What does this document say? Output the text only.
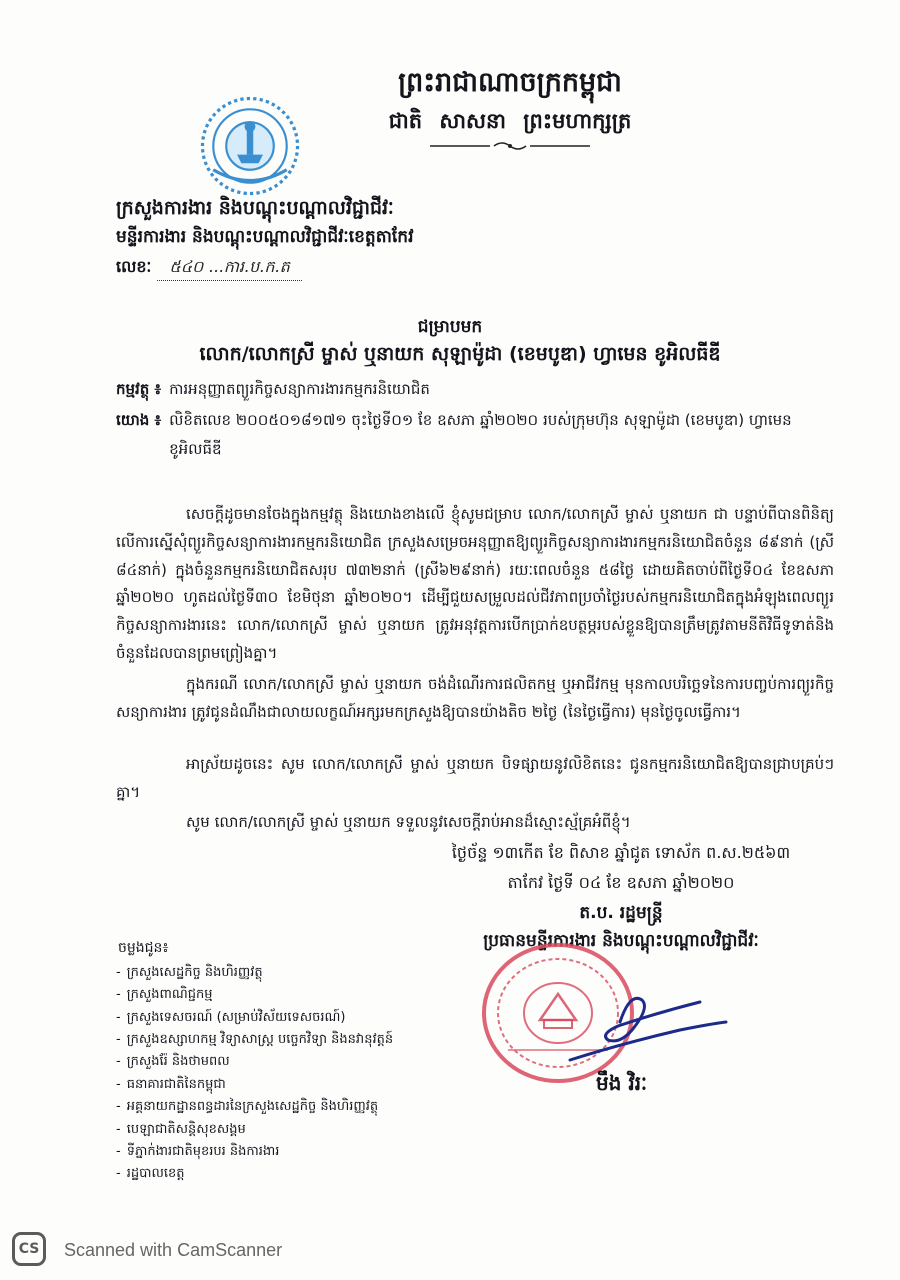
ព្រះរាជាណាចក្រកម្ពុជា
ជាតិ សាសនា ព្រះមហាក្សត្រ
ក្រសួងការងារ និងបណ្តុះបណ្តាលវិជ្ជាជីវៈ
មន្ទីរការងារ និងបណ្តុះបណ្តាលវិជ្ជាជីវៈខេត្តតាកែវ
លេខៈ	៥៤០ ...ការ.ប.ក.ត
ជម្រាបមក
លោក/លោកស្រី ម្ចាស់ ឬនាយក សុឡាម៉ូដា (ខេមបូឌា) ហ្វាមេន ខូអិលធីឌី
កម្មវត្ថុ ៖ ការអនុញ្ញាតព្យួរកិច្ចសន្យាការងារកម្មករនិយោជិត
យោង ៖ លិខិតលេខ ២០០៥០១៨១៧១ ចុះថ្ងៃទី០១ ខែ ឧសភា ឆ្នាំ២០២០ របស់ក្រុមហ៊ុន សុឡាម៉ូដា (ខេមបូឌា) ហ្វាមេន ខូអិលធីឌី

សេចក្តីដូចមានចែងក្នុងកម្មវត្ថុ និងយោងខាងលើ ខ្ញុំសូមជម្រាប លោក/លោកស្រី ម្ចាស់ ឬនាយក ជា បន្ទាប់ពីបានពិនិត្យលើការស្នើសុំព្យួរកិច្ចសន្យាការងារកម្មករនិយោជិត ក្រសួងសម្រេចអនុញ្ញាតឱ្យព្យួរកិច្ចសន្យាការងារកម្មករនិយោជិតចំនួន ៨៩នាក់ (ស្រី ៨៤នាក់) ក្នុងចំនួនកម្មករនិយោជិតសរុប ៧៣២នាក់ (ស្រី៦២៩នាក់) រយៈពេលចំនួន ៥៨ថ្ងៃ ដោយគិតចាប់ពីថ្ងៃទី០៤ ខែឧសភា ឆ្នាំ២០២០ ហូតដល់ថ្ងៃទី៣០ ខែមិថុនា ឆ្នាំ២០២០។ ដើម្បីជួយសម្រួលដល់ជីវភាពប្រចាំថ្ងៃរបស់កម្មករនិយោជិតក្នុងអំឡុងពេលព្យួរកិច្ចសន្យាការងារនេះ លោក/លោកស្រី ម្ចាស់ ឬនាយក ត្រូវអនុវត្តការបើកប្រាក់ឧបត្ថម្ភរបស់ខ្លួនឱ្យបានត្រឹមត្រូវតាមនីតិវិធីទូទាត់និងចំនួនដែលបានព្រមព្រៀងគ្នា។

ក្នុងករណី លោក/លោកស្រី ម្ចាស់ ឬនាយក ចង់ដំណើរការផលិតកម្ម ឬអាជីវកម្ម មុនកាលបរិច្ឆេទនៃការបញ្ចប់ការព្យួរកិច្ចសន្យាការងារ ត្រូវជូនដំណឹងជាលាយលក្ខណ៍អក្សរមកក្រសួងឱ្យបានយ៉ាងតិច ២ថ្ងៃ (នៃថ្ងៃធ្វើការ) មុនថ្ងៃចូលធ្វើការ។

អាស្រ័យដូចនេះ សូម លោក/លោកស្រី ម្ចាស់ ឬនាយក បិទផ្សាយនូវលិខិតនេះ ជូនកម្មករនិយោជិតឱ្យបានជ្រាបគ្រប់ៗគ្នា។

សូម លោក/លោកស្រី ម្ចាស់ ឬនាយក ទទួលនូវសេចក្តីរាប់អានដ៏ស្មោះស្ម័គ្រអំពីខ្ញុំ។

ថ្ងៃច័ន្ទ ១៣កើត ខែ ពិសាខ ឆ្នាំជូត ទោស័ក ព.ស.២៥៦៣
តាកែវ ថ្ងៃទី ០៤ ខែ ឧសភា ឆ្នាំ២០២០
ត.ប. រដ្ឋមន្ត្រី
ប្រធានមន្ទីរការងារ និងបណ្តុះបណ្តាលវិជ្ជាជីវៈ
មឹង វិរៈ
ចម្លងជូន៖
- ក្រសួងសេដ្ឋកិច្ច និងហិរញ្ញវត្ថុ
- ក្រសួងពាណិជ្ជកម្ម
- ក្រសួងទេសចរណ៍ (សម្រាប់វិស័យទេសចរណ៍)
- ក្រសួងឧស្សាហកម្ម វិទ្យាសាស្ត្រ បច្ចេកវិទ្យា និងនវានុវត្តន៍
- ក្រសួងរ៉ែ និងថាមពល
- ធនាគារជាតិនៃកម្ពុជា
- អគ្គនាយកដ្ឋានពន្ធដារនៃក្រសួងសេដ្ឋកិច្ច និងហិរញ្ញវត្ថុ
- បេឡាជាតិសន្តិសុខសង្គម
- ទីភ្នាក់ងារជាតិមុខរបរ និងការងារ
- រដ្ឋបាលខេត្ត
CS	Scanned with CamScanner
